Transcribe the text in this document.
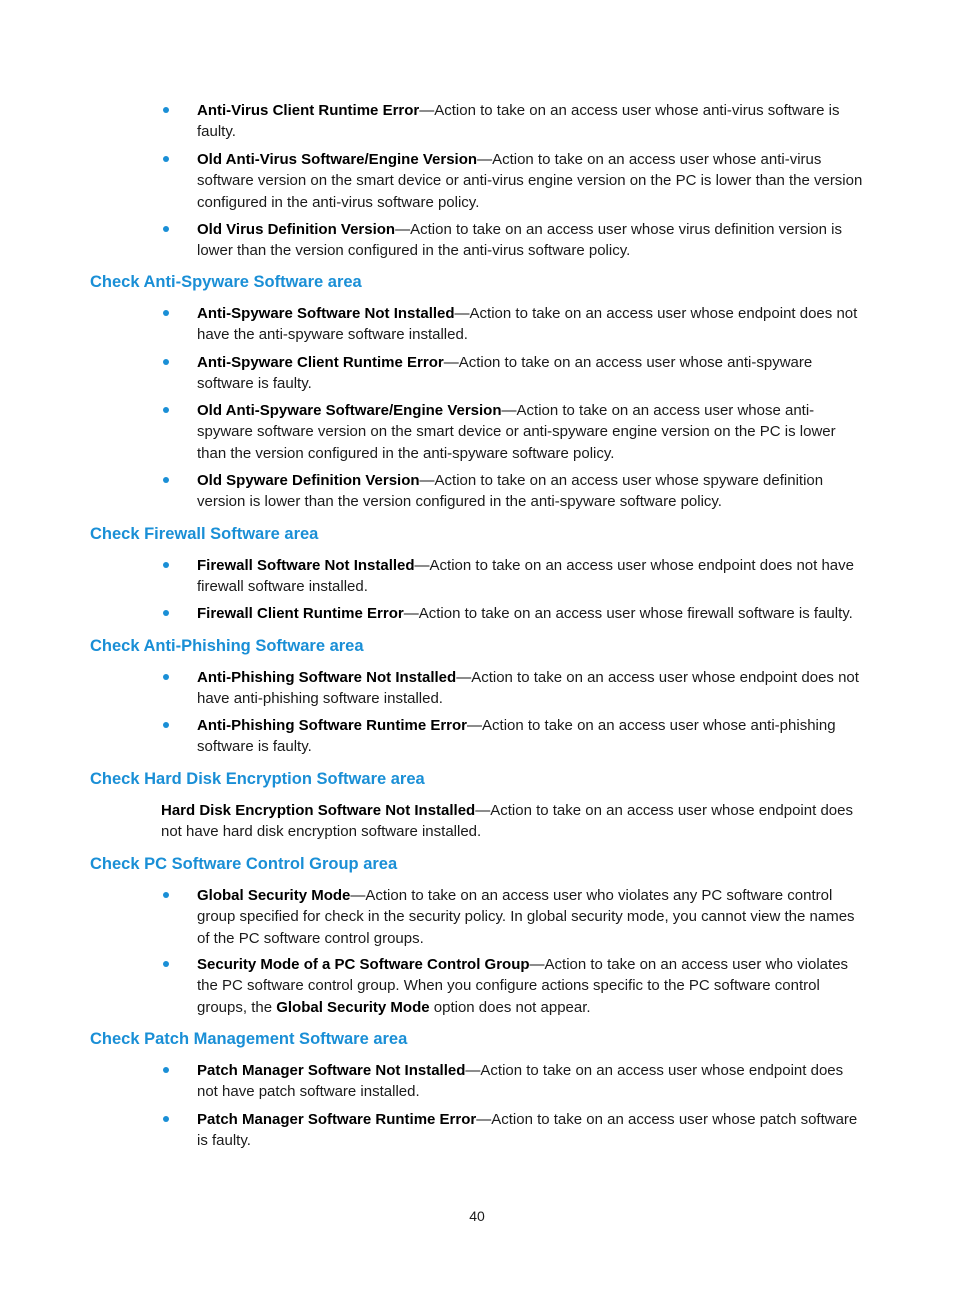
Anti-Virus Client Runtime Error—Action to take on an access user whose anti-virus software is faulty.
Old Anti-Virus Software/Engine Version—Action to take on an access user whose anti-virus software version on the smart device or anti-virus engine version on the PC is lower than the version configured in the anti-virus software policy.
Old Virus Definition Version—Action to take on an access user whose virus definition version is lower than the version configured in the anti-virus software policy.
Check Anti-Spyware Software area
Anti-Spyware Software Not Installed—Action to take on an access user whose endpoint does not have the anti-spyware software installed.
Anti-Spyware Client Runtime Error—Action to take on an access user whose anti-spyware software is faulty.
Old Anti-Spyware Software/Engine Version—Action to take on an access user whose anti-spyware software version on the smart device or anti-spyware engine version on the PC is lower than the version configured in the anti-spyware software policy.
Old Spyware Definition Version—Action to take on an access user whose spyware definition version is lower than the version configured in the anti-spyware software policy.
Check Firewall Software area
Firewall Software Not Installed—Action to take on an access user whose endpoint does not have firewall software installed.
Firewall Client Runtime Error—Action to take on an access user whose firewall software is faulty.
Check Anti-Phishing Software area
Anti-Phishing Software Not Installed—Action to take on an access user whose endpoint does not have anti-phishing software installed.
Anti-Phishing Software Runtime Error—Action to take on an access user whose anti-phishing software is faulty.
Check Hard Disk Encryption Software area
Hard Disk Encryption Software Not Installed—Action to take on an access user whose endpoint does not have hard disk encryption software installed.
Check PC Software Control Group area
Global Security Mode—Action to take on an access user who violates any PC software control group specified for check in the security policy. In global security mode, you cannot view the names of the PC software control groups.
Security Mode of a PC Software Control Group—Action to take on an access user who violates the PC software control group. When you configure actions specific to the PC software control groups, the Global Security Mode option does not appear.
Check Patch Management Software area
Patch Manager Software Not Installed—Action to take on an access user whose endpoint does not have patch software installed.
Patch Manager Software Runtime Error—Action to take on an access user whose patch software is faulty.
40
